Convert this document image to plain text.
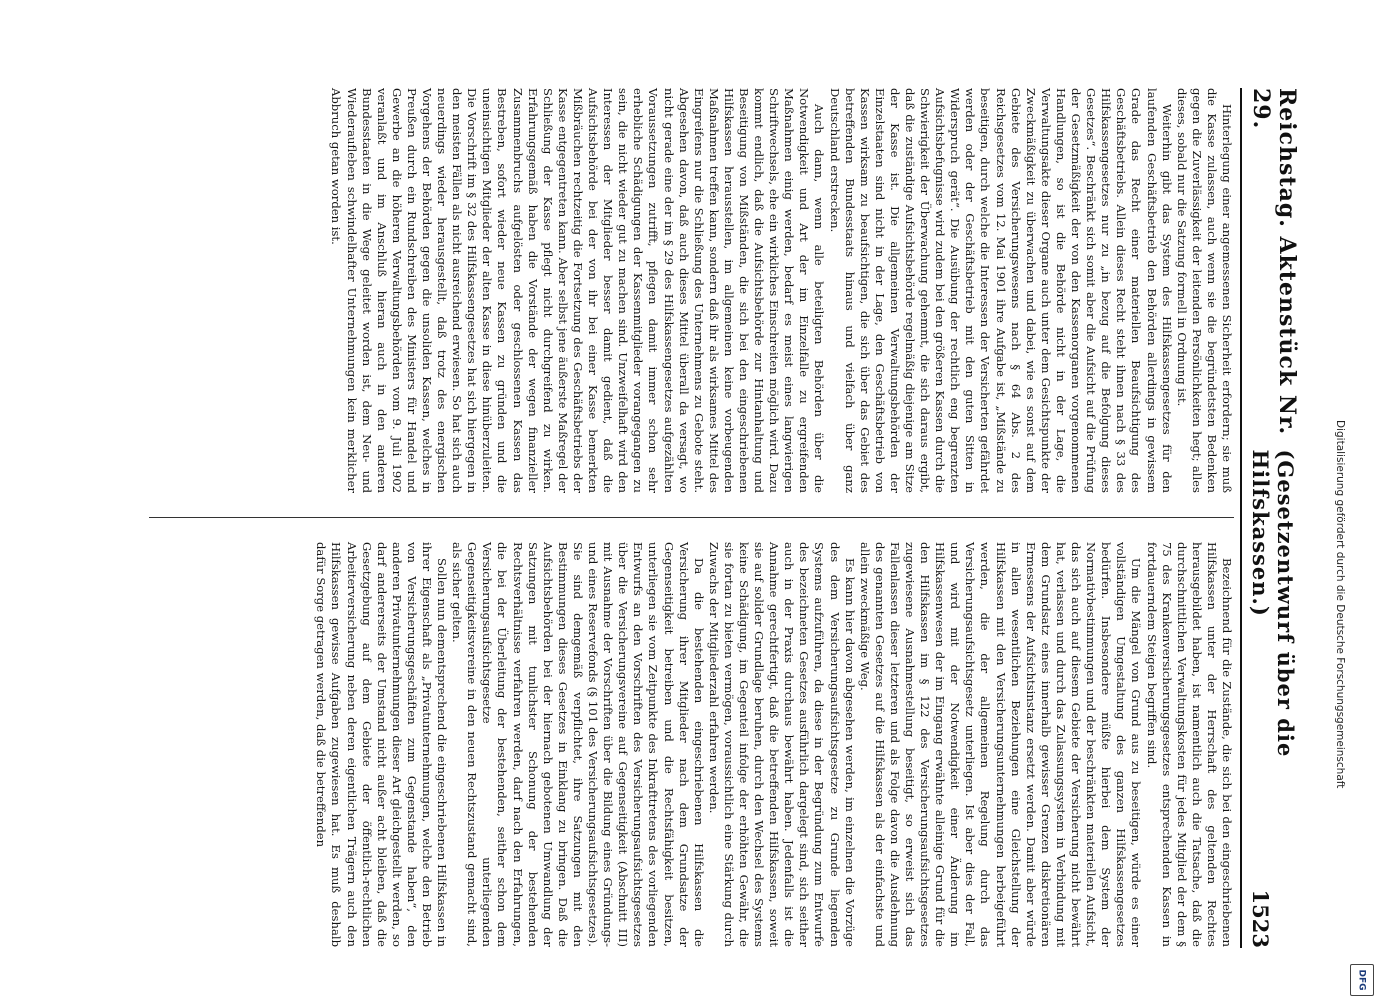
Reichstag. Aktenstück Nr. 29.
(Gesetzentwurf über die Hilfskassen.)
1523

Hinterlegung einer angemessenen Sicherheit erfordern; sie muß die Kasse zulassen, auch wenn sie die begründetsten Bedenken gegen die Zuverlässigkeit der leitenden Persönlichkeiten hegt; alles dieses, sobald nur die Satzung formell in Ordnung ist.

Weiterhin gibt das System des Hilfskassengesetzes für den laufenden Geschäftsbetrieb den Behörden allerdings in gewissem Grade das Recht einer materiellen Beaufsichtigung des Geschäftsbetriebs. Allein dieses Recht steht ihnen nach § 33 des Hilfskassengesetzes nur zu „in bezug auf die Befolgung dieses Gesetzes“. Beschränkt sich somit aber die Aufsicht auf die Prüfung der Gesetzmäßigkeit der von den Kassenorganen vorgenommenen Handlungen, so ist die Behörde nicht in der Lage, die Verwaltungsakte dieser Organe auch unter dem Gesichtspunkte der Zweckmäßigkeit zu überwachen und dabei, wie es sonst auf dem Gebiete des Versicherungswesens nach § 64 Abs. 2 des Reichsgesetzes vom 12. Mai 1901 ihre Aufgabe ist, „Mißstände zu beseitigen, durch welche die Interessen der Versicherten gefährdet werden oder der Geschäftsbetrieb mit den guten Sitten in Widerspruch gerät“. Die Ausübung der rechtlich eng begrenzten Aufsichtsbefugnisse wird zudem bei den größeren Kassen durch die Schwierigkeit der Überwachung gehemmt, die sich daraus ergibt, daß die zuständige Aufsichtsbehörde regelmäßig diejenige am Sitze der Kasse ist. Die allgemeinen Verwaltungsbehörden der Einzelstaaten sind nicht in der Lage, den Geschäftsbetrieb von Kassen wirksam zu beaufsichtigen, die sich über das Gebiet des betreffenden Bundesstaats hinaus und vielfach über ganz Deutschland erstrecken.

Auch dann, wenn alle beteiligten Behörden über die Notwendigkeit und Art der im Einzelfalle zu ergreifenden Maßnahmen einig werden, bedarf es meist eines langwierigen Schriftwechsels, ehe ein wirkliches Einschreiten möglich wird. Dazu kommt endlich, daß die Aufsichtsbehörde zur Hintanhaltung und Beseitigung von Mißständen, die sich bei den eingeschriebenen Hilfskassen herausstellen, im allgemeinen keine vorbeugenden Maßnahmen treffen kann, sondern daß ihr als wirksames Mittel des Eingreifens nur die Schließung des Unternehmens zu Gebote steht. Abgesehen davon, daß auch dieses Mittel überall da versagt, wo nicht gerade eine der im § 29 des Hilfskassengesetzes aufgezählten Voraussetzungen zutrifft, pflegen damit immer schon sehr erhebliche Schädigungen der Kassenmitglieder vorangegangen zu sein, die nicht wieder gut zu machen sind. Unzweifelhaft wird den Interessen der Mitglieder besser damit gedient, daß die Aufsichtsbehörde bei der von ihr bei einer Kasse bemerkten Mißbräuchen rechtzeitig die Fortsetzung des Geschäftsbetriebs der Kasse entgegentreten kann. Aber selbst jene äußerste Maßregel der Schließung der Kasse pflegt nicht durchgreifend zu wirken. Erfahrungsgemäß haben die Vorstände der wegen finanzieller Zusammenbruchs aufgelösten oder geschlossenen Kassen das Bestreben, sofort wieder neue Kassen zu gründen und die uneinsichtigen Mitglieder der alten Kasse in diese hinüberzuleiten. Die Vorschrift im § 32 des Hilfskassengesetzes hat sich hiergegen in den meisten Fällen als nicht ausreichend erwiesen. So hat sich auch neuerdings wieder herausgestellt, daß trotz des energischen Vorgehens der Behörden gegen die unsoliden Kassen, welches in Preußen durch ein Rundschreiben des Ministers für Handel und Gewerbe an die höheren Verwaltungsbehörden vom 9. Juli 1902 veranlaßt und im Anschluß hieran auch in den anderen Bundesstaaten in die Wege geleitet worden ist, dem Neu- und Wiederaufleben schwindelhafter Unternehmungen kein merklicher Abbruch getan worden ist.

Bezeichnend für die Zustände, die sich bei den eingeschriebenen Hilfskassen unter der Herrschaft des geltenden Rechtes herausgebildet haben, ist namentlich auch die Tatsache, daß die durchschnittlichen Verwaltungskosten für jedes Mitglied der dem § 75 des Krankenversicherungsgesetzes entsprechenden Kassen in fortdauerndem Steigen begriffen sind.

Um die Mängel von Grund aus zu beseitigen, würde es einer vollständigen Umgestaltung des ganzen Hilfskassengesetzes bedürfen. Insbesondere müßte hierbei dem System der Normativbestimmungen und der beschränkten materiellen Aufsicht, das sich auch auf diesem Gebiete der Versicherung nicht bewährt hat, verlassen und durch das Zulassungssystem in Verbindung mit dem Grundsatz eines innerhalb gewisser Grenzen diskretionären Ermessens der Aufsichtsinstanz ersetzt werden. Damit aber würde in allen wesentlichen Beziehungen eine Gleichstellung der Hilfskassen mit den Versicherungsunternehmungen herbeigeführt werden, die der allgemeinen Regelung durch das Versicherungsaufsichtsgesetz unterliegen. Ist aber dies der Fall, und wird mit der Notwendigkeit einer Änderung im Hilfskassenwesen der im Eingang erwähnte alleinige Grund für die den Hilfskassen im § 122 des Versicherungsaufsichtsgesetzes zugewiesene Ausnahmestellung beseitigt, so erweist sich das Fallenlassen dieser letzteren und als Folge davon die Ausdehnung des genannten Gesetzes auf die Hilfskassen als der einfachste und allein zweckmäßige Weg.

Es kann hier davon abgesehen werden, im einzelnen die Vorzüge des dem Versicherungsaufsichtsgesetze zu Grunde liegenden Systems aufzuführen, da diese in der Begründung zum Entwurfe des bezeichneten Gesetzes ausführlich dargelegt sind, sich seither auch in der Praxis durchaus bewährt haben. Jedenfalls ist die Annahme gerechtfertigt, daß die betreffenden Hilfskassen, soweit sie auf solider Grundlage beruhen, durch den Wechsel des Systems keine Schädigung, im Gegenteil infolge der erhöhten Gewähr, die sie fortan zu bieten vermögen, voraussichtlich eine Stärkung durch Zuwachs der Mitgliederzahl erfahren werden.

Da die bestehenden eingeschriebenen Hilfskassen die Versicherung ihrer Mitglieder nach dem Grundsatze der Gegenseitigkeit betreiben und die Rechtsfähigkeit besitzen, unterliegen sie vom Zeitpunkte des Inkrafttretens des vorliegenden Entwurfs an den Vorschriften des Versicherungsaufsichtsgesetzes über die Versicherungsvereine auf Gegenseitigkeit (Abschnitt III) mit Ausnahme der Vorschriften über die Bildung eines Gründungs- und eines Reservefonds (§ 101 des Versicherungsaufsichtsgesetzes). Sie sind demgemäß verpflichtet, ihre Satzungen mit den Bestimmungen dieses Gesetzes in Einklang zu bringen. Daß die Aufsichtsbehörden bei der hiernach gebotenen Umwandlung der Satzungen mit tunlichster Schonung der bestehenden Rechtsverhältnisse verfahren werden, darf nach den Erfahrungen, die bei der Überleitung der bestehenden, seither schon dem Versicherungsaufsichtsgesetze unterliegenden Gegenseitigkeitsvereine in den neuen Rechtszustand gemacht sind, als sicher gelten.

Sollen nun dementsprechend die eingeschriebenen Hilfskassen in ihrer Eigenschaft als „Privatunternehmungen, welche den Betrieb von Versicherungsgeschäften zum Gegenstande haben“, den anderen Privatunternehmungen dieser Art gleichgestellt werden, so darf andererseits der Umstand nicht außer acht bleiben, daß die Gesetzgebung auf dem Gebiete der öffentlich-rechtlichen Arbeiterversicherung neben deren eigentlichen Trägern auch den Hilfskassen gewisse Aufgaben zugewiesen hat. Es muß deshalb dafür Sorge getragen werden, daß die betreffenden	Digitalisierung gefördert durch die Deutsche Forschungsgemeinschaft
DFG
